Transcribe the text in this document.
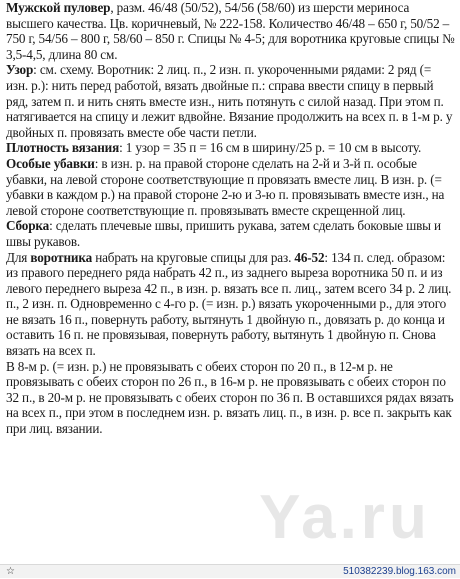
Мужской пуловер, разм. 46/48 (50/52), 54/56 (58/60) из шерсти мериноса высшего качества. Цв. коричневый, № 222-158. Количество 46/48 – 650 г, 50/52 – 750 г, 54/56 – 800 г, 58/60 – 850 г. Спицы № 4-5; для воротника круговые спицы № 3,5-4,5, длина 80 см.

Узор: см. схему. Воротник: 2 лиц. п., 2 изн. п. укороченными рядами: 2 ряд (= изн. р.): нить перед работой, вязать двойные п.: справа ввести спицу в первый ряд, затем п. и нить снять вместе изн., нить потянуть с силой назад. При этом п. натягивается на спицу и лежит вдвойне. Вязание продолжить на всех п. в 1-м р. у двойных п. провязать вместе обе части петли.

Плотность вязания: 1 узор = 35 п = 16 см в ширину/25 р. = 10 см в высоту.

Особые убавки: в изн. р. на правой стороне сделать на 2-й и 3-й п. особые убавки, на левой стороне соответствующие п провязать вместе лиц. В изн. р. (= убавки в каждом р.) на правой стороне 2-ю и 3-ю п. провязывать вместе изн., на левой стороне соответствующие п. провязывать вместе скрещенной лиц.

Сборка: сделать плечевые швы, пришить рукава, затем сделать боковые швы и швы рукавов.

Для воротника набрать на круговые спицы для раз. 46-52: 134 п. след. образом: из правого переднего ряда набрать 42 п., из заднего выреза воротника 50 п. и из левого переднего выреза 42 п., в изн. р. вязать все п. лиц., затем всего 34 р. 2 лиц. п., 2 изн. п. Одновременно с 4-го р. (= изн. р.) вязать укороченными р., для этого не вязать 16 п., повернуть работу, вытянуть 1 двойную п., довязать р. до конца и оставить 16 п. не провязывая, повернуть работу, вытянуть 1 двойную п. Снова вязать на всех п.

В 8-м р. (= изн. р.) не провязывать с обеих сторон по 20 п., в 12-м р. не провязывать с обеих сторон по 26 п., в 16-м р. не провязывать с обеих сторон по 32 п., в 20-м р. не провязывать с обеих сторон по 36 п. В оставшихся рядах вязать на всех п., при этом в последнем изн. р. вязать лиц. п., в изн. р. все п. закрыть как при лиц. вязании.

Ya.ru
☆	510382239.blog.163.com
